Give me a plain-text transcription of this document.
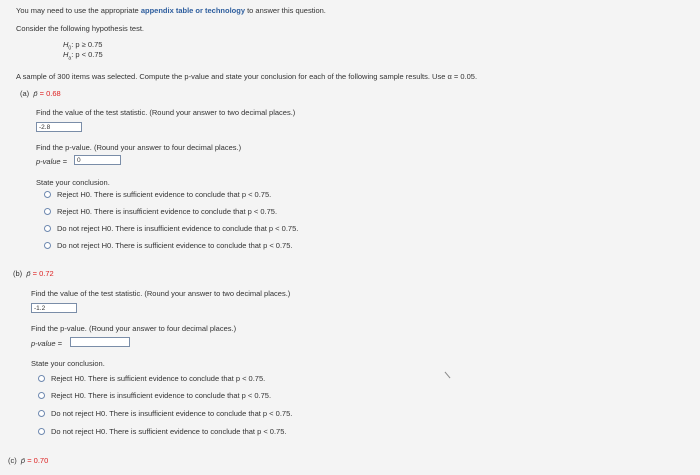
You may need to use the appropriate appendix table or technology to answer this question.
Consider the following hypothesis test.
$H_0$: p ≥ 0.75
$H_a$: p < 0.75
A sample of 300 items was selected. Compute the p-value and state your conclusion for each of the following sample results. Use α = 0.05.
(a) p̄ = 0.68
Find the value of the test statistic. (Round your answer to two decimal places.)
-2.8
Find the p-value. (Round your answer to four decimal places.)
p-value =	0
State your conclusion.
Reject H0. There is sufficient evidence to conclude that p < 0.75.
Reject H0. There is insufficient evidence to conclude that p < 0.75.
Do not reject H0. There is insufficient evidence to conclude that p < 0.75.
Do not reject H0. There is sufficient evidence to conclude that p < 0.75.
(b) p̄ = 0.72
Find the value of the test statistic. (Round your answer to two decimal places.)
-1.2
Find the p-value. (Round your answer to four decimal places.)
p-value =
State your conclusion.
Reject H0. There is sufficient evidence to conclude that p < 0.75.
Reject H0. There is insufficient evidence to conclude that p < 0.75.
Do not reject H0. There is insufficient evidence to conclude that p < 0.75.
Do not reject H0. There is sufficient evidence to conclude that p < 0.75.
(c) p̄ = 0.70
